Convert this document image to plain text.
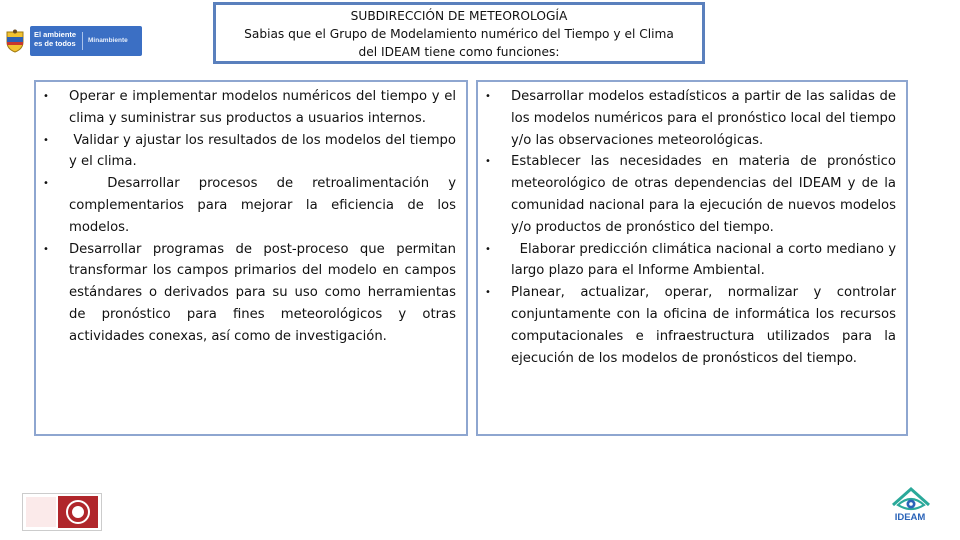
El ambiente
es de todos Minambiente
SUBDIRECCIÓN DE METEOROLOGÍA
Sabias que el Grupo de Modelamiento numérico del Tiempo y el Clima
del IDEAM tiene como funciones:
• Operar e implementar modelos numéricos del tiempo y el clima y suministrar sus productos a usuarios internos.
• Validar y ajustar los resultados de los modelos del tiempo y el clima.
• Desarrollar procesos de retroalimentación y complementarios para mejorar la eficiencia de los modelos.
• Desarrollar programas de post-proceso que permitan transformar los campos primarios del modelo en campos estándares o derivados para su uso como herramientas de pronóstico para fines meteorológicos y otras actividades conexas, así como de investigación.
• Desarrollar modelos estadísticos a partir de las salidas de los modelos numéricos para el pronóstico local del tiempo y/o las observaciones meteorológicas.
• Establecer las necesidades en materia de pronóstico meteorológico de otras dependencias del IDEAM y de la comunidad nacional para la ejecución de nuevos modelos y/o productos de pronóstico del tiempo.
• Elaborar predicción climática nacional a corto mediano y largo plazo para el Informe Ambiental.
• Planear, actualizar, operar, normalizar y controlar conjuntamente con la oficina de informática los recursos computacionales e infraestructura utilizados para la ejecución de los modelos de pronósticos del tiempo.
IDEAM
